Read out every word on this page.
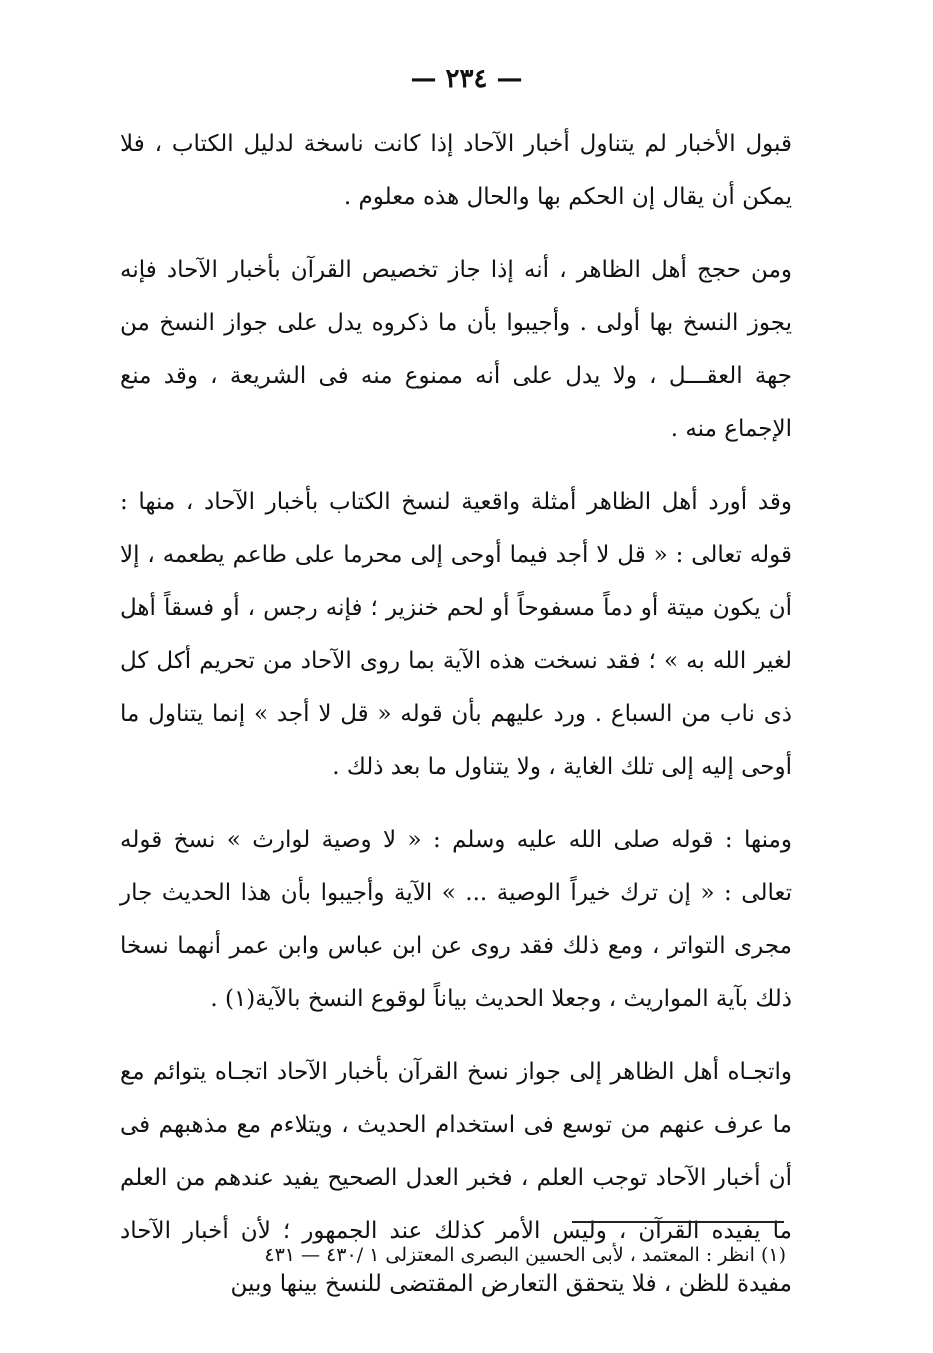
— ٢٣٤ —

قبول الأخبار لم يتناول أخبار الآحاد إذا كانت ناسخة لدليل الكتاب ، فلا يمكن أن يقال إن الحكم بها والحال هذه معلوم .

ومن حجج أهل الظاهر ، أنه إذا جاز تخصيص القرآن بأخبار الآحاد فإنه يجوز النسخ بها أولى . وأجيبوا بأن ما ذكروه يدل على جواز النسخ من جهة العقـــل ، ولا يدل على أنه ممنوع منه فى الشريعة ، وقد منع الإجماع منه .

وقد أورد أهل الظاهر أمثلة واقعية لنسخ الكتاب بأخبار الآحاد ، منها : قوله تعالى : « قل لا أجد فيما أوحى إلى محرما على طاعم يطعمه ، إلا أن يكون ميتة أو دماً مسفوحاً أو لحم خنزير ؛ فإنه رجس ، أو فسقاً أهل لغير الله به » ؛ فقد نسخت هذه الآية بما روى الآحاد من تحريم أكل كل ذى ناب من السباع . ورد عليهم بأن قوله « قل لا أجد » إنما يتناول ما أوحى إليه إلى تلك الغاية ، ولا يتناول ما بعد ذلك .

ومنها : قوله صلى الله عليه وسلم : « لا وصية لوارث » نسخ قوله تعالى : « إن ترك خيراً الوصية ... » الآية وأجيبوا بأن هذا الحديث جار مجرى التواتر ، ومع ذلك فقد روى عن ابن عباس وابن عمر أنهما نسخا ذلك بآية المواريث ، وجعلا الحديث بياناً لوقوع النسخ بالآية(١) .

واتجـاه أهل الظاهر إلى جواز نسخ القرآن بأخبار الآحاد اتجـاه يتوائم مع ما عرف عنهم من توسع فى استخدام الحديث ، ويتلاءم مع مذهبهم فى أن أخبار الآحاد توجب العلم ، فخبر العدل الصحيح يفيد عندهم من العلم ما يفيده القرآن ، وليس الأمر كذلك عند الجمهور ؛ لأن أخبار الآحاد مفيدة للظن ، فلا يتحقق التعارض المقتضى للنسخ بينها وبين

(١) انظر : المعتمد ، لأبى الحسين البصرى المعتزلى ١ /٤٣٠ — ٤٣١
